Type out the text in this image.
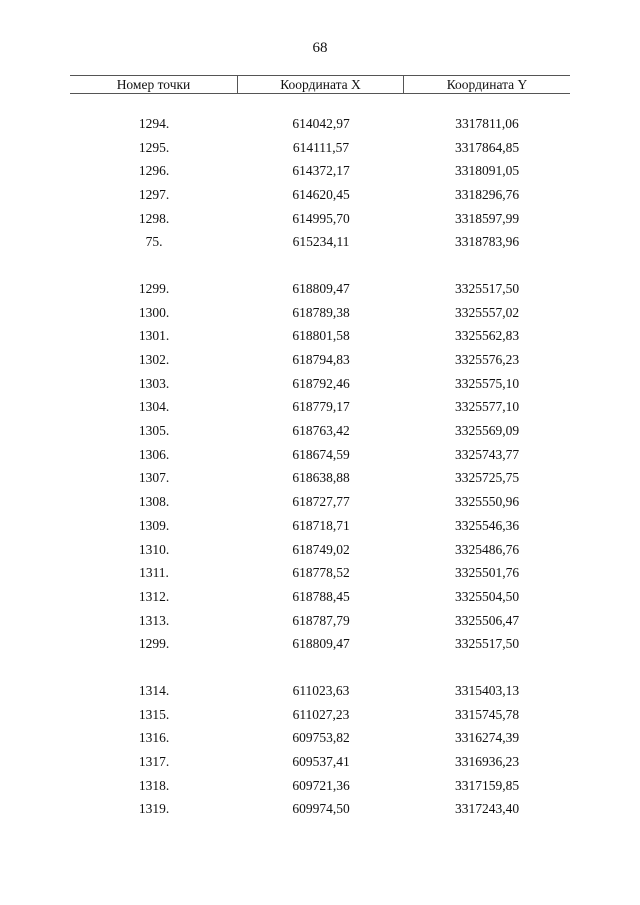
68
Номер точки	Координата X	Координата Y
1294.	614042,97	3317811,06
1295.	614111,57	3317864,85
1296.	614372,17	3318091,05
1297.	614620,45	3318296,76
1298.	614995,70	3318597,99
75.	615234,11	3318783,96
1299.	618809,47	3325517,50
1300.	618789,38	3325557,02
1301.	618801,58	3325562,83
1302.	618794,83	3325576,23
1303.	618792,46	3325575,10
1304.	618779,17	3325577,10
1305.	618763,42	3325569,09
1306.	618674,59	3325743,77
1307.	618638,88	3325725,75
1308.	618727,77	3325550,96
1309.	618718,71	3325546,36
1310.	618749,02	3325486,76
1311.	618778,52	3325501,76
1312.	618788,45	3325504,50
1313.	618787,79	3325506,47
1299.	618809,47	3325517,50
1314.	611023,63	3315403,13
1315.	611027,23	3315745,78
1316.	609753,82	3316274,39
1317.	609537,41	3316936,23
1318.	609721,36	3317159,85
1319.	609974,50	3317243,40
